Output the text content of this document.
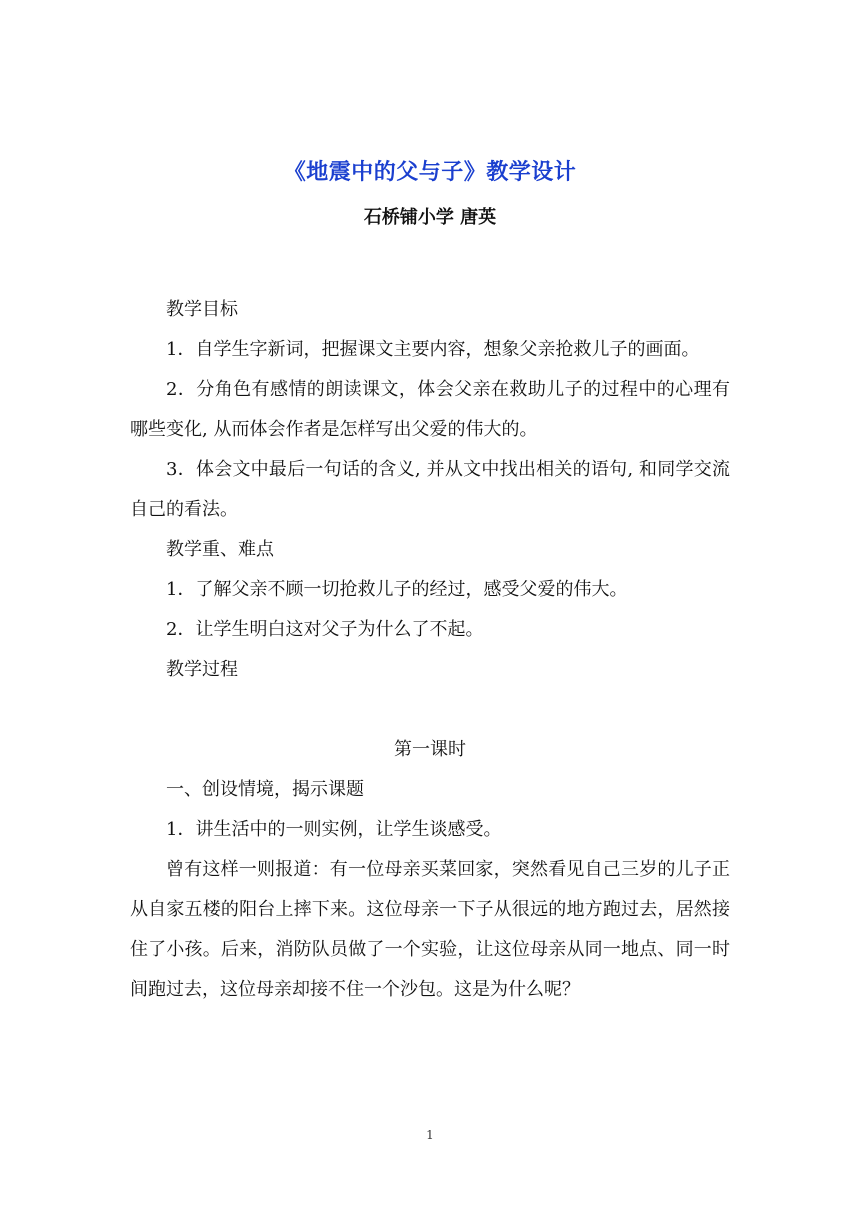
《地震中的父与子》教学设计
石桥铺小学 唐英

教学目标

1．自学生字新词，把握课文主要内容，想象父亲抢救儿子的画面。

2．分角色有感情的朗读课文，体会父亲在救助儿子的过程中的心理有哪些变化, 从而体会作者是怎样写出父爱的伟大的。

3．体会文中最后一句话的含义, 并从文中找出相关的语句, 和同学交流自己的看法。

教学重、难点

1．了解父亲不顾一切抢救儿子的经过，感受父爱的伟大。

2．让学生明白这对父子为什么了不起。

教学过程

第一课时

一、创设情境，揭示课题

1．讲生活中的一则实例，让学生谈感受。

曾有这样一则报道：有一位母亲买菜回家，突然看见自己三岁的儿子正从自家五楼的阳台上摔下来。这位母亲一下子从很远的地方跑过去，居然接住了小孩。后来，消防队员做了一个实验，让这位母亲从同一地点、同一时间跑过去，这位母亲却接不住一个沙包。这是为什么呢？

1
